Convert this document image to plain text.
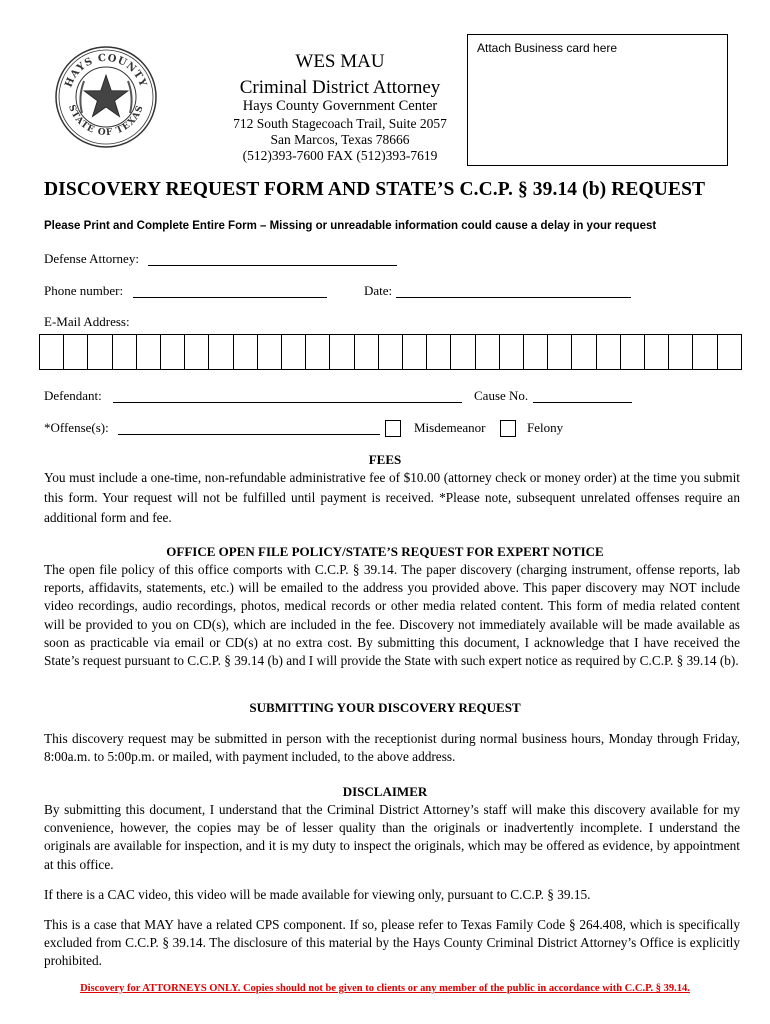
HAYS COUNTY
STATE OF TEXAS
WES MAU
Criminal District Attorney
Hays County Government Center
712 South Stagecoach Trail, Suite 2057
San Marcos, Texas 78666
(512)393-7600 FAX (512)393-7619
Attach Business card here
DISCOVERY REQUEST FORM AND STATE’S C.C.P. § 39.14 (b) REQUEST
Please Print and Complete Entire Form – Missing or unreadable information could cause a delay in your request
Defense Attorney:
Phone number:	Date:
E-Mail Address:
Defendant:	Cause No.
*Offense(s):	Misdemeanor	Felony
FEES
You must include a one-time, non-refundable administrative fee of $10.00 (attorney check or money order) at the time you submit this form. Your request will not be fulfilled until payment is received. *Please note, subsequent unrelated offenses require an additional form and fee.
OFFICE OPEN FILE POLICY/STATE’S REQUEST FOR EXPERT NOTICE
The open file policy of this office comports with C.C.P. § 39.14. The paper discovery (charging instrument, offense reports, lab reports, affidavits, statements, etc.) will be emailed to the address you provided above. This paper discovery may NOT include video recordings, audio recordings, photos, medical records or other media related content. This form of media related content will be provided to you on CD(s), which are included in the fee. Discovery not immediately available will be made available as soon as practicable via email or CD(s) at no extra cost. By submitting this document, I acknowledge that I have received the State’s request pursuant to C.C.P. § 39.14 (b) and I will provide the State with such expert notice as required by C.C.P. § 39.14 (b).
SUBMITTING YOUR DISCOVERY REQUEST
This discovery request may be submitted in person with the receptionist during normal business hours, Monday through Friday, 8:00a.m. to 5:00p.m. or mailed, with payment included, to the above address.
DISCLAIMER
By submitting this document, I understand that the Criminal District Attorney’s staff will make this discovery available for my convenience, however, the copies may be of lesser quality than the originals or inadvertently incomplete. I understand the originals are available for inspection, and it is my duty to inspect the originals, which may be offered as evidence, by appointment at this office.
If there is a CAC video, this video will be made available for viewing only, pursuant to C.C.P. § 39.15.
This is a case that MAY have a related CPS component. If so, please refer to Texas Family Code § 264.408, which is specifically excluded from C.C.P. § 39.14. The disclosure of this material by the Hays County Criminal District Attorney’s Office is explicitly prohibited.
Discovery for ATTORNEYS ONLY. Copies should not be given to clients or any member of the public in accordance with C.C.P. § 39.14.
